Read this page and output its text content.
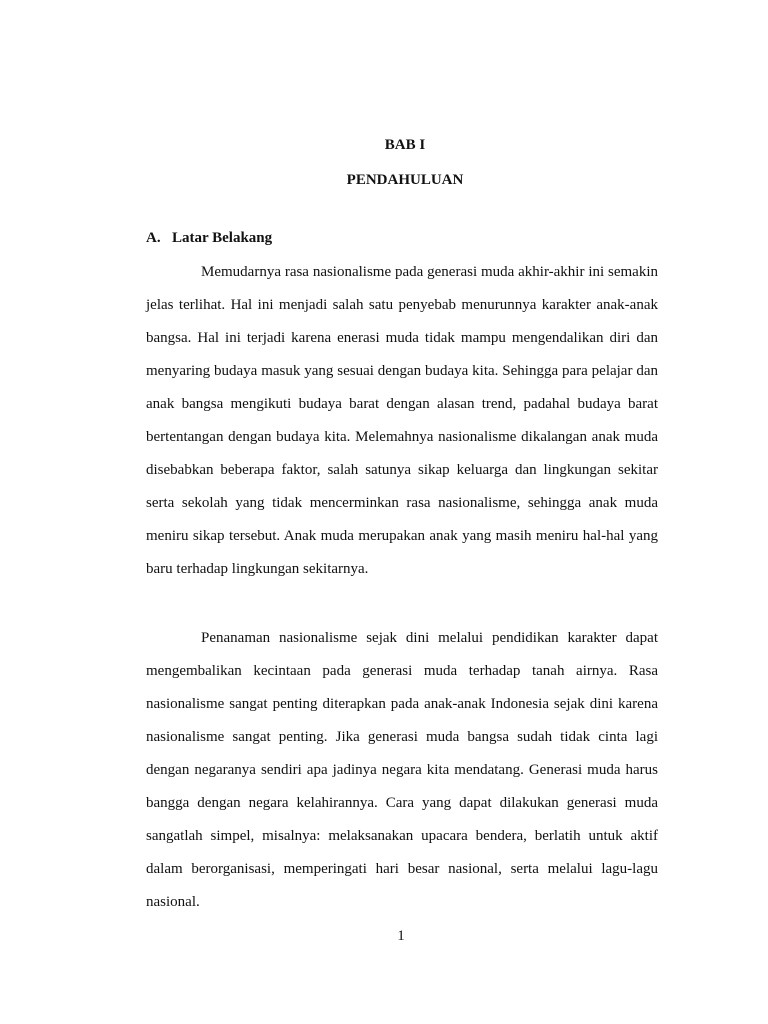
BAB I
PENDAHULUAN
A. Latar Belakang

Memudarnya rasa nasionalisme pada generasi muda akhir-akhir ini semakin jelas terlihat. Hal ini menjadi salah satu penyebab menurunnya karakter anak-anak bangsa. Hal ini terjadi karena enerasi muda tidak mampu mengendalikan diri dan menyaring budaya masuk yang sesuai dengan budaya kita. Sehingga para pelajar dan anak bangsa mengikuti budaya barat dengan alasan trend, padahal budaya barat bertentangan dengan budaya kita. Melemahnya nasionalisme dikalangan anak muda disebabkan beberapa faktor, salah satunya sikap keluarga dan lingkungan sekitar serta sekolah yang tidak mencerminkan rasa nasionalisme, sehingga anak muda meniru sikap tersebut. Anak muda merupakan anak yang masih meniru hal-hal yang baru terhadap lingkungan sekitarnya.

Penanaman nasionalisme sejak dini melalui pendidikan karakter dapat mengembalikan kecintaan pada generasi muda terhadap tanah airnya. Rasa nasionalisme sangat penting diterapkan pada anak-anak Indonesia sejak dini karena nasionalisme sangat penting. Jika generasi muda bangsa sudah tidak cinta lagi dengan negaranya sendiri apa jadinya negara kita mendatang. Generasi muda harus bangga dengan negara kelahirannya. Cara yang dapat dilakukan generasi muda sangatlah simpel, misalnya: melaksanakan upacara bendera, berlatih untuk aktif dalam berorganisasi, memperingati hari besar nasional, serta melalui lagu-lagu nasional.

1
